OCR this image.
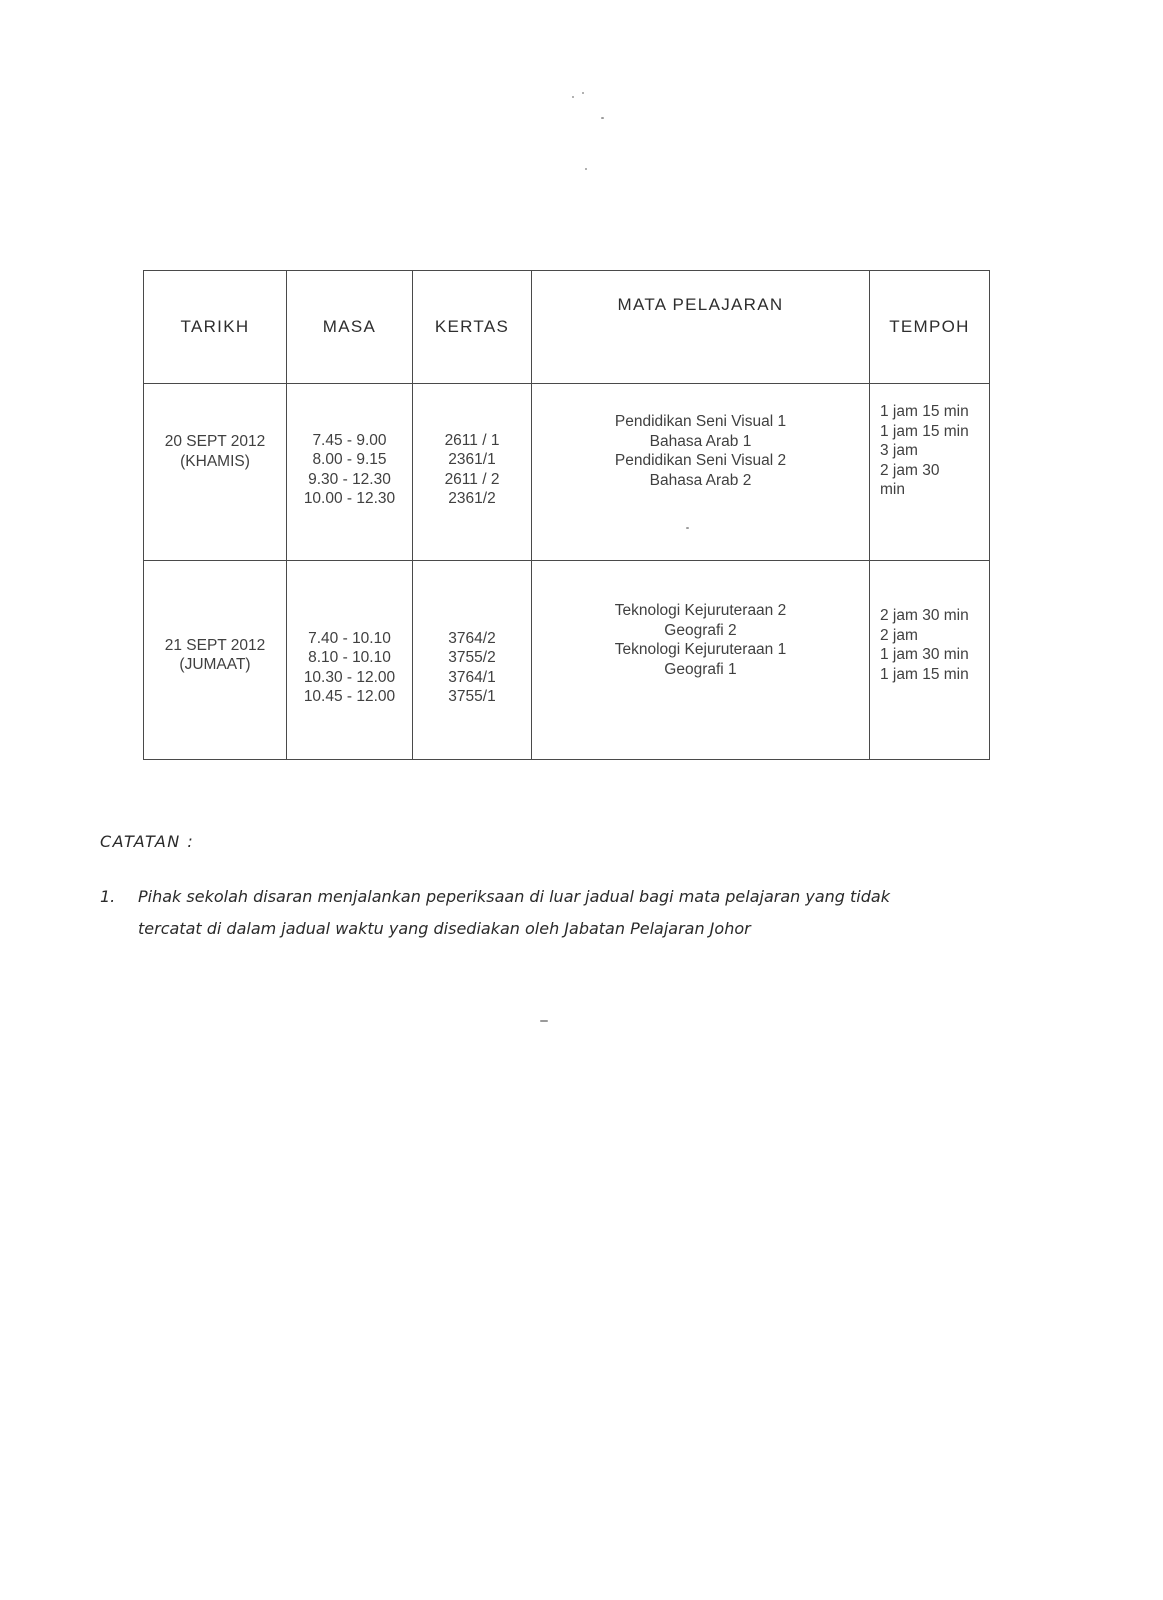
TARIKH	MASA	KERTAS	MATA PELAJARAN	TEMPOH

20 SEPT 2012
(KHAMIS)	7.45 - 9.00
8.00 - 9.15
9.30 - 12.30
10.00 - 12.30	2611 / 1
2361/1
2611 / 2
2361/2	Pendidikan Seni Visual 1
Bahasa Arab 1
Pendidikan Seni Visual 2
Bahasa Arab 2	1 jam 15 min
1 jam 15 min
3 jam
2 jam 30
min

21 SEPT 2012
(JUMAAT)	7.40 - 10.10
8.10 - 10.10
10.30 - 12.00
10.45 - 12.00	3764/2
3755/2
3764/1
3755/1	Teknologi Kejuruteraan 2
Geografi 2
Teknologi Kejuruteraan 1
Geografi 1	2 jam 30 min
2 jam
1 jam 30 min
1 jam 15 min
CATATAN :
1.	Pihak sekolah disaran menjalankan peperiksaan di luar jadual bagi mata pelajaran yang tidak tercatat di dalam jadual waktu yang disediakan oleh Jabatan Pelajaran Johor
